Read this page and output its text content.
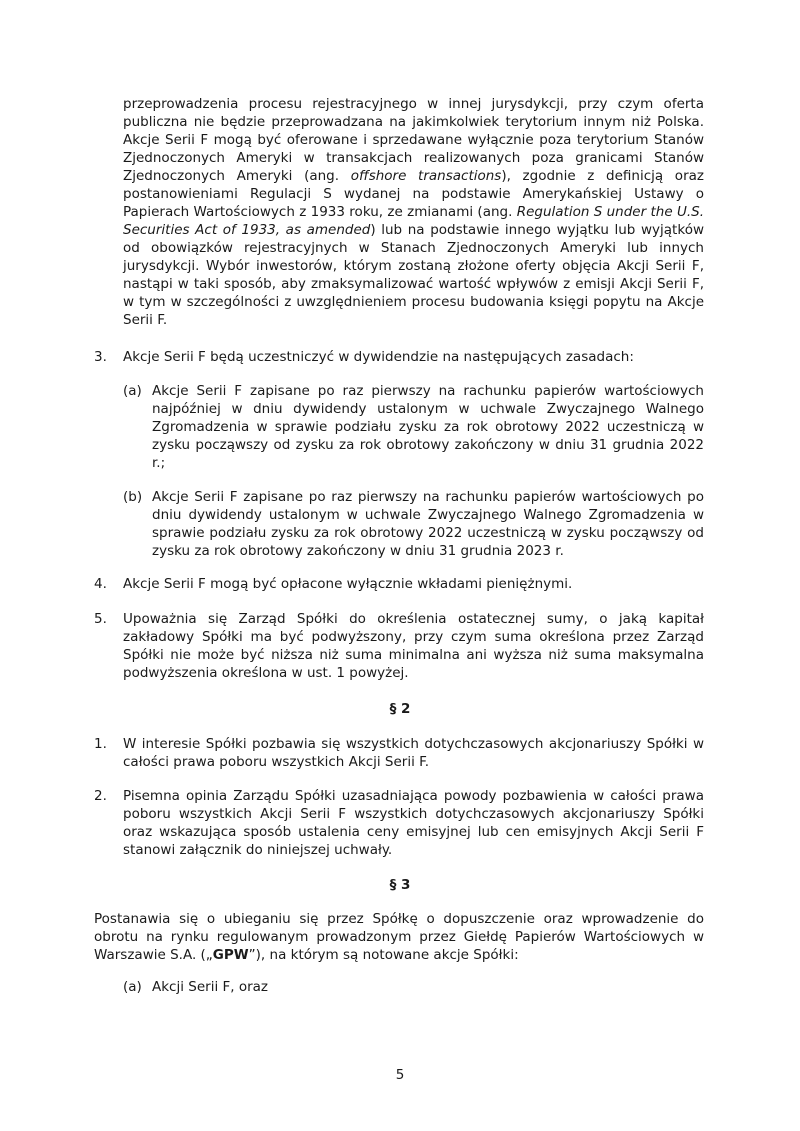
przeprowadzenia procesu rejestracyjnego w innej jurysdykcji, przy czym oferta publiczna nie będzie przeprowadzana na jakimkolwiek terytorium innym niż Polska. Akcje Serii F mogą być oferowane i sprzedawane wyłącznie poza terytorium Stanów Zjednoczonych Ameryki w transakcjach realizowanych poza granicami Stanów Zjednoczonych Ameryki (ang. offshore transactions), zgodnie z definicją oraz postanowieniami Regulacji S wydanej na podstawie Amerykańskiej Ustawy o Papierach Wartościowych z 1933 roku, ze zmianami (ang. Regulation S under the U.S. Securities Act of 1933, as amended) lub na podstawie innego wyjątku lub wyjątków od obowiązków rejestracyjnych w Stanach Zjednoczonych Ameryki lub innych jurysdykcji. Wybór inwestorów, którym zostaną złożone oferty objęcia Akcji Serii F, nastąpi w taki sposób, aby zmaksymalizować wartość wpływów z emisji Akcji Serii F, w tym w szczególności z uwzględnieniem procesu budowania księgi popytu na Akcje Serii F.
3. Akcje Serii F będą uczestniczyć w dywidendzie na następujących zasadach:
(a) Akcje Serii F zapisane po raz pierwszy na rachunku papierów wartościowych najpóźniej w dniu dywidendy ustalonym w uchwale Zwyczajnego Walnego Zgromadzenia w sprawie podziału zysku za rok obrotowy 2022 uczestniczą w zysku począwszy od zysku za rok obrotowy zakończony w dniu 31 grudnia 2022 r.;
(b) Akcje Serii F zapisane po raz pierwszy na rachunku papierów wartościowych po dniu dywidendy ustalonym w uchwale Zwyczajnego Walnego Zgromadzenia w sprawie podziału zysku za rok obrotowy 2022 uczestniczą w zysku począwszy od zysku za rok obrotowy zakończony w dniu 31 grudnia 2023 r.
4. Akcje Serii F mogą być opłacone wyłącznie wkładami pieniężnymi.
5. Upoważnia się Zarząd Spółki do określenia ostatecznej sumy, o jaką kapitał zakładowy Spółki ma być podwyższony, przy czym suma określona przez Zarząd Spółki nie może być niższa niż suma minimalna ani wyższa niż suma maksymalna podwyższenia określona w ust. 1 powyżej.
§ 2
1. W interesie Spółki pozbawia się wszystkich dotychczasowych akcjonariuszy Spółki w całości prawa poboru wszystkich Akcji Serii F.
2. Pisemna opinia Zarządu Spółki uzasadniająca powody pozbawienia w całości prawa poboru wszystkich Akcji Serii F wszystkich dotychczasowych akcjonariuszy Spółki oraz wskazująca sposób ustalenia ceny emisyjnej lub cen emisyjnych Akcji Serii F stanowi załącznik do niniejszej uchwały.
§ 3
Postanawia się o ubieganiu się przez Spółkę o dopuszczenie oraz wprowadzenie do obrotu na rynku regulowanym prowadzonym przez Giełdę Papierów Wartościowych w Warszawie S.A. („GPW”), na którym są notowane akcje Spółki:
(a) Akcji Serii F, oraz
5
